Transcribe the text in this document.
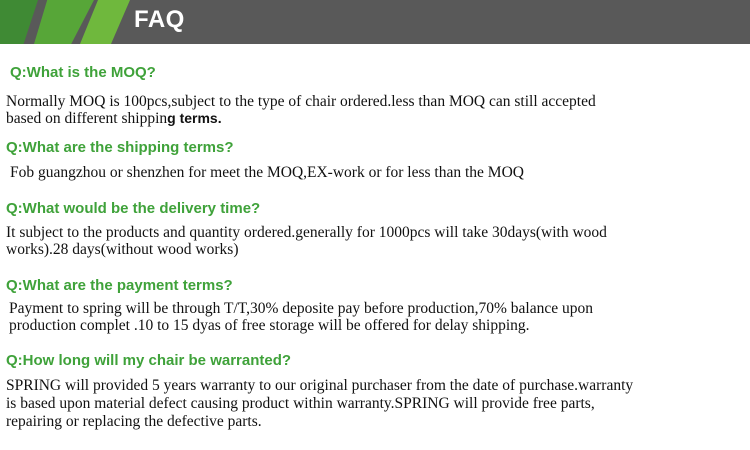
FAQ
Q:What is the MOQ?
Normally MOQ is 100pcs,subject to the type of chair ordered.less than MOQ can still accepted
based on different shipping terms.
Q:What are the shipping terms?
Fob guangzhou or shenzhen for meet the MOQ,EX-work or for less than the MOQ
Q:What would be the delivery time?
It subject to the products and quantity ordered.generally for 1000pcs will take 30days(with wood
works).28 days(without wood works)
Q:What are the payment terms?
Payment to spring will be through T/T,30% deposite pay before production,70% balance upon
production complet .10 to 15 dyas of free storage will be offered for delay shipping.
Q:How long will my chair be warranted?
SPRING will provided 5 years warranty to our original purchaser from the date of purchase.warranty
is based upon material defect causing product within warranty.SPRING will provide free parts,
repairing or replacing the defective parts.
